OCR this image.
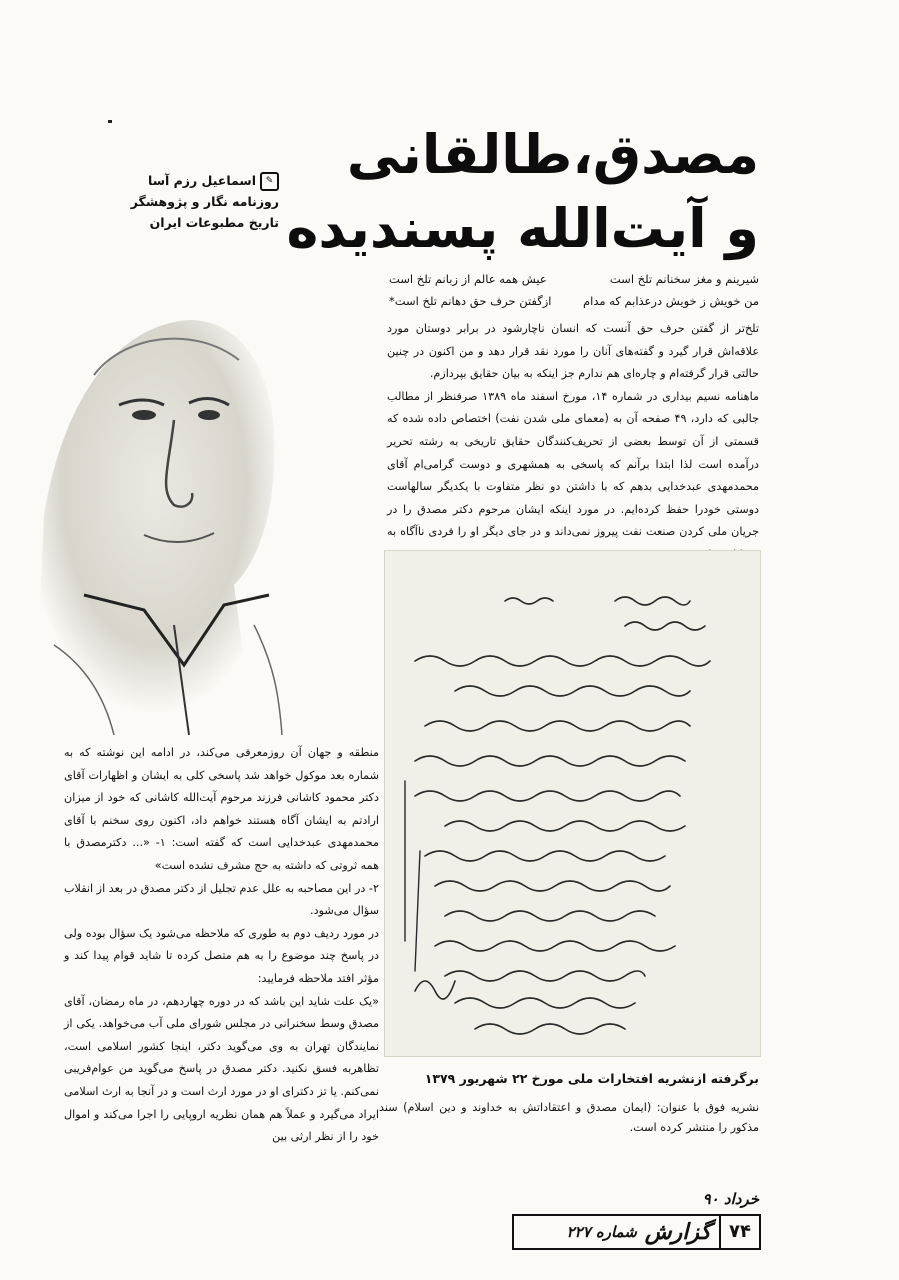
مصدق،طالقانی
و آیت‌الله پسندیده
✎اسماعیل رزم آسا
روزنامه نگار و پژوهشگر
تاریخ مطبوعات ایران
شیرینم و مغز سخنانم تلخ است
عیش همه عالم از زبانم تلخ است
من خویش ز خویش درعذابم که مدام
ازگفتن حرف حق دهانم تلخ است*

تلخ‌تر از گفتن حرف حق آنست که انسان ناچارشود در برابر دوستان مورد علاقه‌اش قرار گیرد و گفته‌های آنان را مورد نقد قرار دهد و من اکنون در چنین حالتی قرار گرفته‌ام و چاره‌ای هم ندارم جز اینکه به بیان حقایق بپردازم.

ماهنامه نسیم بیداری در شماره ۱۴، مورخ اسفند ماه ۱۳۸۹ صرفنظر از مطالب جالبی که دارد، ۴۹ صفحه آن به (معمای ملی شدن نفت) اختصاص داده شده که قسمتی از آن توسط بعضی از تحریف‌کنندگان حقایق تاریخی به رشته تحریر درآمده است لذا ابتدا برآنم که پاسخی به همشهری و دوست گرامی‌ام آقای محمدمهدی عبدخدایی بدهم که با داشتن دو نظر متفاوت با یکدیگر سالهاست دوستی خودرا حفظ کرده‌ایم. در مورد اینکه ایشان مرحوم دکتر مصدق را در جریان ملی کردن صنعت نفت پیروز نمی‌داند و در جای دیگر او را فردی ناآگاه به

برگرفته ازنشریه افتخارات ملی مورخ ۲۲ شهریور ۱۳۷۹
نشریه فوق با عنوان: (ایمان مصدق و اعتقاداتش به خداوند و دین اسلام) سند مذکور را منتشر کرده است.

منطقه و جهان آن روزمعرفی می‌کند، در ادامه این نوشته که به شماره بعد موکول خواهد شد پاسخی کلی به ایشان و اظهارات آقای دکتر محمود کاشانی فرزند مرحوم آیت‌الله کاشانی که خود از میزان ارادتم به ایشان آگاه هستند خواهم داد، اکنون روی سخنم با آقای محمدمهدی عبدخدایی است که گفته است: ۱- «... دکترمصدق با همه ثروتی که داشته به حج مشرف نشده است»

۲- در این مصاحبه به علل عدم تجلیل از دکتر مصدق در بعد از انقلاب سؤال می‌شود.

در مورد ردیف دوم به طوری که ملاحظه می‌شود یک سؤال بوده ولی در پاسخ چند موضوع را به هم متصل کرده تا شاید قوام پیدا کند و مؤثر افتد ملاحظه فرمایید:

«یک علت شاید این باشد که در دوره چهاردهم، در ماه رمضان، آقای مصدق وسط سخنرانی در مجلس شورای ملی آب می‌خواهد. یکی از نمایندگان تهران به وی می‌گوید دکتر، اینجا کشور اسلامی است، تظاهربه فسق نکنید. دکتر مصدق در پاسخ می‌گوید من عوام‌فریبی نمی‌کنم. یا تز دکترای او در مورد ارث است و در آنجا به ارث اسلامی ایراد می‌گیرد و عملاً هم همان نظریه اروپایی را اجرا می‌کند و اموال خود را از نظر ارثی بین

خرداد ۹۰
۷۴
گزارش
شماره ۲۲۷
